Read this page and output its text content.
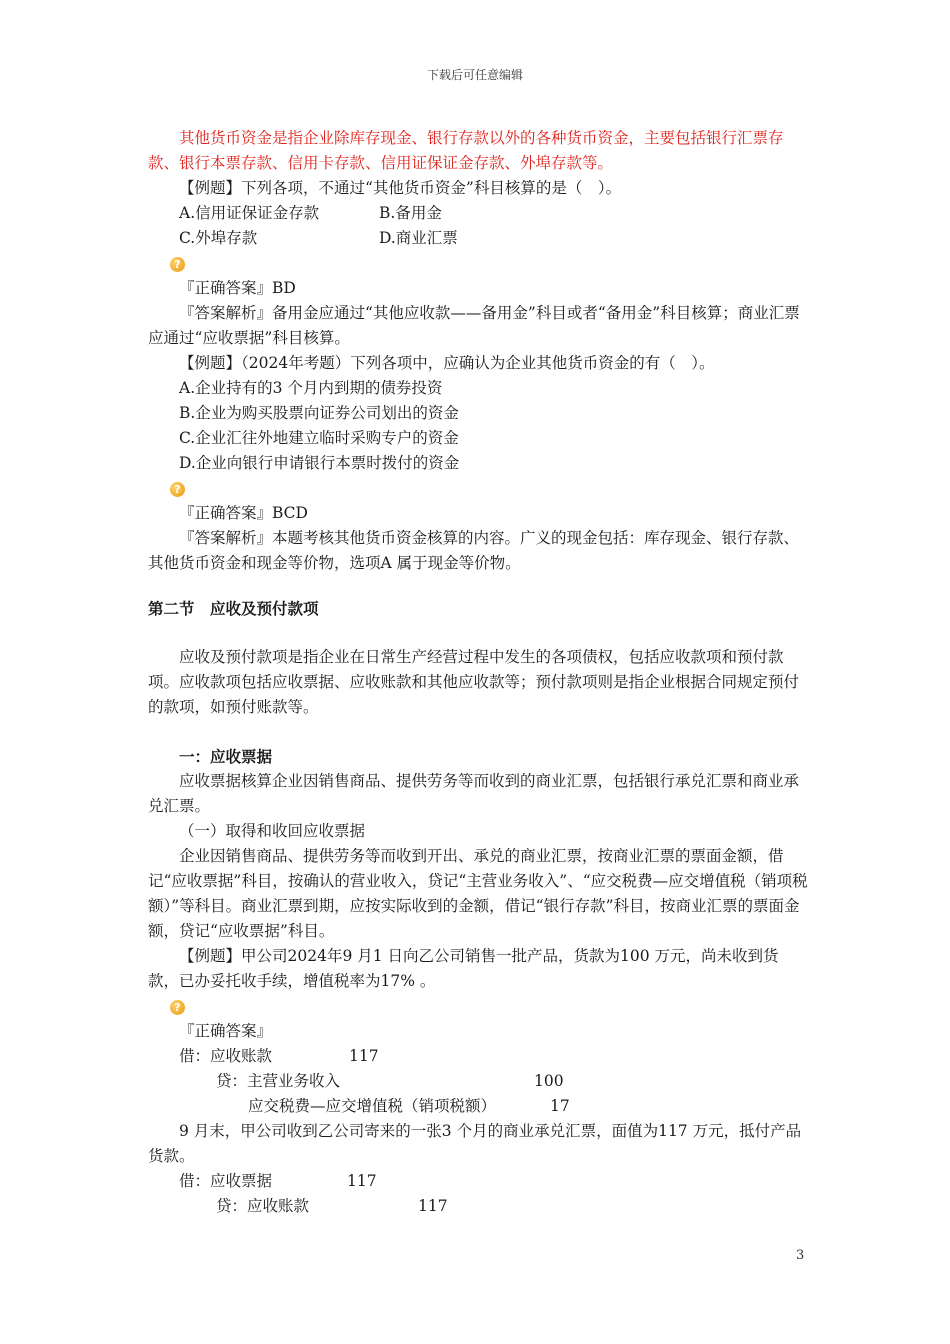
下载后可任意编辑

其他货币资金是指企业除库存现金、银行存款以外的各种货币资金，主要包括银行汇票存款、银行本票存款、信用卡存款、信用证保证金存款、外埠存款等。

【例题】下列各项，不通过“其他货币资金”科目核算的是（　）。

A.信用证保证金存款	B.备用金
C.外埠存款	D.商业汇票
?

『正确答案』BD

『答案解析』备用金应通过“其他应收款——备用金”科目或者“备用金”科目核算；商业汇票应通过“应收票据”科目核算。

【例题】（2024年考题）下列各项中，应确认为企业其他货币资金的有（　）。

A.企业持有的3 个月内到期的债券投资

B.企业为购买股票向证券公司划出的资金

C.企业汇往外地建立临时采购专户的资金

D.企业向银行申请银行本票时拨付的资金

?

『正确答案』BCD

『答案解析』本题考核其他货币资金核算的内容。广义的现金包括：库存现金、银行存款、其他货币资金和现金等价物，选项A 属于现金等价物。

第二节　应收及预付款项

应收及预付款项是指企业在日常生产经营过程中发生的各项债权，包括应收款项和预付款项。应收款项包括应收票据、应收账款和其他应收款等；预付款项则是指企业根据合同规定预付的款项，如预付账款等。

一：应收票据

应收票据核算企业因销售商品、提供劳务等而收到的商业汇票，包括银行承兑汇票和商业承兑汇票。

（一）取得和收回应收票据

企业因销售商品、提供劳务等而收到开出、承兑的商业汇票，按商业汇票的票面金额，借记“应收票据”科目，按确认的营业收入，贷记“主营业务收入”、“应交税费—应交增值税（销项税额）”等科目。商业汇票到期，应按实际收到的金额，借记“银行存款”科目，按商业汇票的票面金额，贷记“应收票据”科目。

【例题】甲公司2024年9 月1 日向乙公司销售一批产品，货款为100 万元，尚未收到货款，已办妥托收手续，增值税率为17% 。

?

『正确答案』

借：应收账款	117
贷：主营业务收入	100
应交税费—应交增值税（销项税额）	17

9 月末，甲公司收到乙公司寄来的一张3 个月的商业承兑汇票，面值为117 万元，抵付产品货款。

借：应收票据	117
贷：应收账款	117
3
